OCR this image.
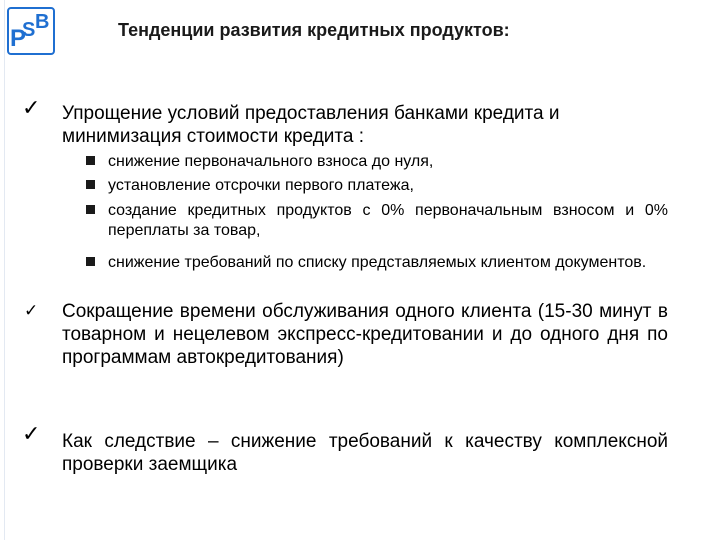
P
S B	Тенденции развития кредитных продуктов:
✓ Упрощение условий предоставления банками кредита и минимизация стоимости кредита :
снижение первоначального взноса до нуля,
установление отсрочки первого платежа,
создание кредитных продуктов с 0% первоначальным взносом и 0% переплаты за товар,
снижение требований по списку представляемых клиентом документов.
✓ Сокращение времени обслуживания одного клиента (15-30 минут в товарном и нецелевом экспресс-кредитовании и до одного дня по программам автокредитования)
✓ Как следствие – снижение требований к качеству комплексной проверки заемщика
